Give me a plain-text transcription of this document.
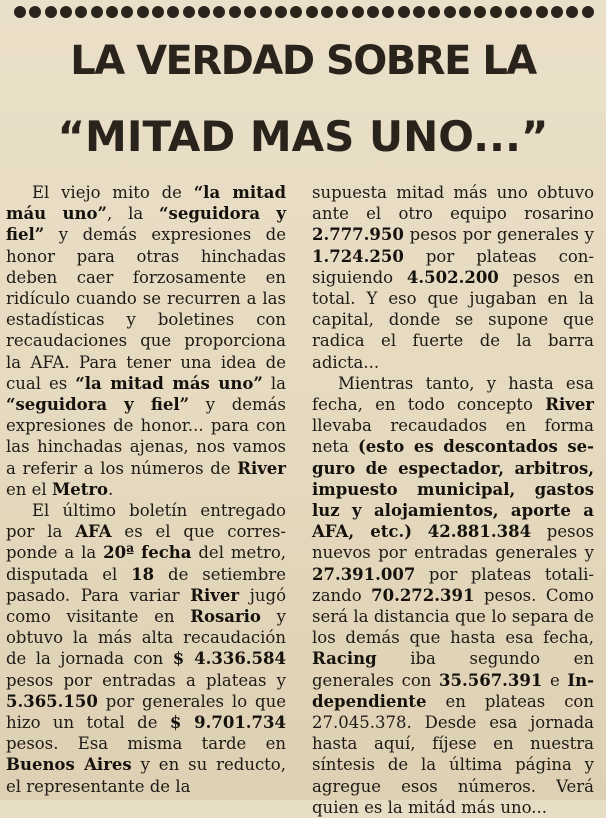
LA VERDAD SOBRE LA
“MITAD MAS UNO...”

El viejo mito de “la mitad máu uno”, la “seguidora y fiel” y demás expresiones de honor para otras hinchadas deben caer forzosamente en ridículo cuando se recurren a las estadísticas y boletines con recaudaciones que proporciona la AFA. Para tener una idea de cual es “la mitad más uno” la “seguidora y fiel” y demás expresiones de honor... para con las hinchadas ajenas, nos vamos a referir a los números de River en el Metro.

El último boletín entregado por la AFA es el que corresponde a la 20ª fecha del metro, disputada el 18 de setiembre pasado. Para variar River jugó como visitante en Rosario y obtuvo la más alta recaudación de la jornada con $ 4.336.584 pesos por entradas a plateas y 5.365.150 por generales lo que hizo un total de $ 9.701.734 pesos. Esa misma tarde en Buenos Aires y en su reducto, el representante de la

supuesta mitad más uno obtuvo ante el otro equipo rosarino 2.777.950 pesos por generales y 1.724.250 por plateas consiguiendo 4.502.200 pesos en total. Y eso que jugaban en la capital, donde se supone que radica el fuerte de la barra adicta...

Mientras tanto, y hasta esa fecha, en todo concepto River llevaba recaudados en forma neta (esto es descontados seguro de espectador, arbitros, impuesto municipal, gastos luz y alojamientos, aporte a AFA, etc.) 42.881.384 pesos nuevos por entradas generales y 27.391.007 por plateas totalizando 70.272.391 pesos. Como será la distancia que lo separa de los demás que hasta esa fecha, Racing iba segundo en generales con 35.567.391 e Independiente en plateas con 27.045.378. Desde esa jornada hasta aquí, fíjese en nuestra síntesis de la última página y agregue esos números. Verá quien es la mitád más uno...
